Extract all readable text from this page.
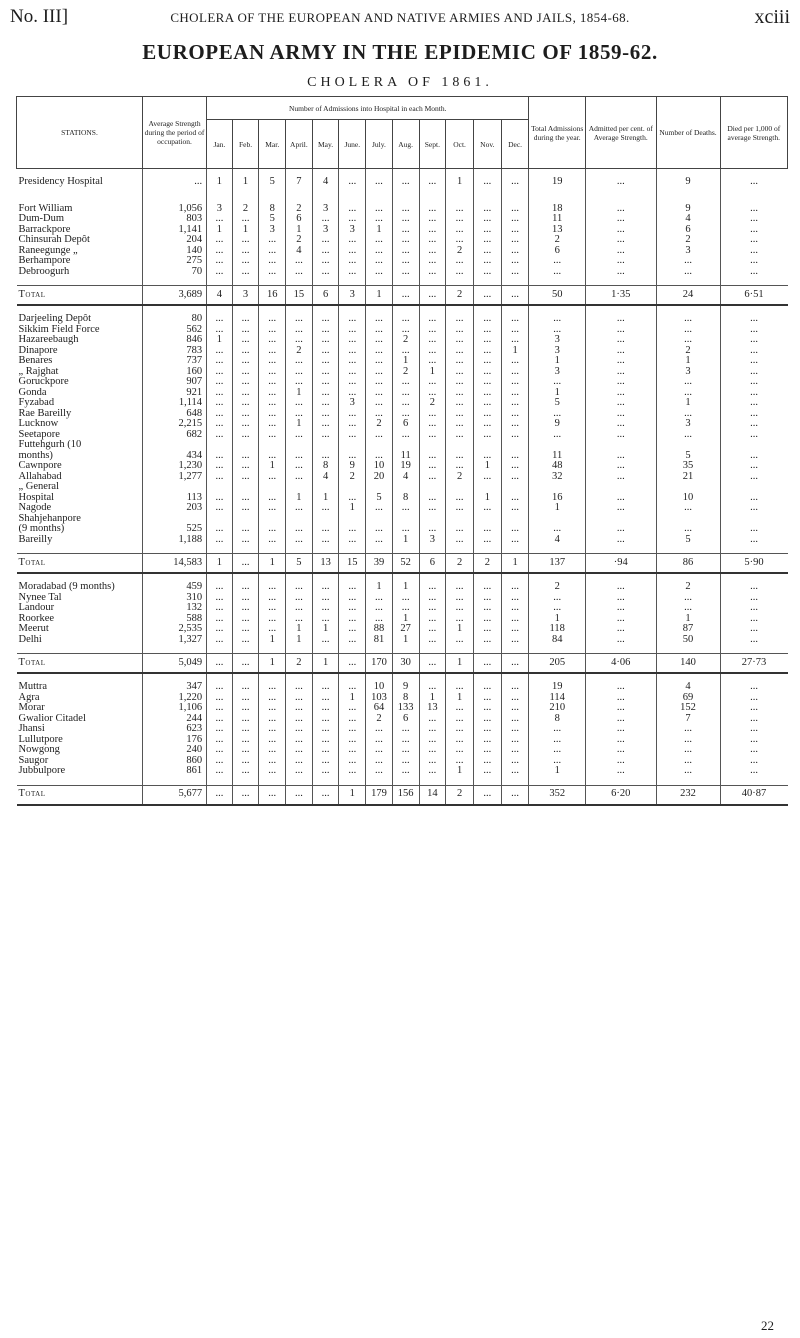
No. III]	CHOLERA OF THE EUROPEAN AND NATIVE ARMIES AND JAILS, 1854-68.	xciii
EUROPEAN ARMY IN THE EPIDEMIC OF 1859-62.
CHOLERA OF 1861.
STATIONS.	Average Strength during the period of occupation.	Number of Admissions into Hospital in each Month.												Total Admissions during the year.	Admitted per cent. of Average Strength.	Number of Deaths.	Died per 1,000 of average Strength.
		Jan.	Feb.	Mar.	April.	May.	June.	July.	Aug.	Sept.	Oct.	Nov.	Dec.				

Presidency Hospital	...	1	1	5	7	4	...	...	...	...	1	...	...	19	...	9	...

Fort William	1,056	3	2	8	2	3	...	...	...	...	...	...	...	18	...	9	...
Dum-Dum	803	...	...	5	6	...	...	...	...	...	...	...	...	11	...	4	...
Barrackpore	1,141	1	1	3	1	3	3	1	...	...	...	...	...	13	...	6	...
Chinsurah Depôt	204	...	...	...	2	...	...	...	...	...	...	...	...	2	...	2	...
Raneegunge „	140	...	...	...	4	...	...	...	...	...	2	...	...	6	...	3	...
Berhampore	275	...	...	...	...	...	...	...	...	...	...	...	...	...	...	...	...
Debroogurh	70	...	...	...	...	...	...	...	...	...	...	...	...	...	...	...	...

Total	3,689	4	3	16	15	6	3	1	...	...	2	...	...	50	1·35	24	6·51

Darjeeling Depôt	80	...	...	...	...	...	...	...	...	...	...	...	...	...	...	...	...
Sikkim Field Force	562	...	...	...	...	...	...	...	...	...	...	...	...	...	...	...	...
Hazareebaugh	846	1	...	...	...	...	...	...	2	...	...	...	...	3	...	...	...
Dinapore	783	...	...	...	2	...	...	...	...	...	...	...	1	3	...	2	...
Benares	737	...	...	...	...	...	...	...	1	...	...	...	...	1	...	1	...
„ Rajghat	160	...	...	...	...	...	...	...	2	1	...	...	...	3	...	3	...
Goruckpore	907	...	...	...	...	...	...	...	...	...	...	...	...	...	...	...	...
Gonda	921	...	...	...	1	...	...	...	...	...	...	...	...	1	...	...	...
Fyzabad	1,114	...	...	...	...	...	3	...	...	2	...	...	...	5	...	1	...
Rae Bareilly	648	...	...	...	...	...	...	...	...	...	...	...	...	...	...	...	...
Lucknow	2,215	...	...	...	1	...	...	2	6	...	...	...	...	9	...	3	...
Seetapore	682	...	...	...	...	...	...	...	...	...	...	...	...	...	...	...	...
Futtehgurh (10																	
months)	434	...	...	...	...	...	...	...	11	...	...	...	...	11	...	5	...
Cawnpore	1,230	...	...	1	...	8	9	10	19	...	...	1	...	48	...	35	...
Allahabad	1,277	...	...	...	...	4	2	20	4	...	2	...	...	32	...	21	...
„ General																	
Hospital	113	...	...	...	1	1	...	5	8	...	...	1	...	16	...	10	...
Nagode	203	...	...	...	...	...	1	...	...	...	...	...	...	1	...	...	...
Shahjehanpore																	
(9 months)	525	...	...	...	...	...	...	...	...	...	...	...	...	...	...	...	...
Bareilly	1,188	...	...	...	...	...	...	...	1	3	...	...	...	4	...	5	...

Total	14,583	1	...	1	5	13	15	39	52	6	2	2	1	137	·94	86	5·90

Moradabad (9 months)	459	...	...	...	...	...	...	1	1	...	...	...	...	2	...	2	...
Nynee Tal	310	...	...	...	...	...	...	...	...	...	...	...	...	...	...	...	...
Landour	132	...	...	...	...	...	...	...	...	...	...	...	...	...	...	...	...
Roorkee	588	...	...	...	...	...	...	...	1	...	...	...	...	1	...	1	...
Meerut	2,535	...	...	...	1	1	...	88	27	...	1	...	...	118	...	87	...
Delhi	1,327	...	...	1	1	...	...	81	1	...	...	...	...	84	...	50	...

Total	5,049	...	...	1	2	1	...	170	30	...	1	...	...	205	4·06	140	27·73

Muttra	347	...	...	...	...	...	...	10	9	...	...	...	...	19	...	4	...
Agra	1,220	...	...	...	...	...	1	103	8	1	1	...	...	114	...	69	...
Morar	1,106	...	...	...	...	...	...	64	133	13	...	...	...	210	...	152	...
Gwalior Citadel	244	...	...	...	...	...	...	2	6	...	...	...	...	8	...	7	...
Jhansi	623	...	...	...	...	...	...	...	...	...	...	...	...	...	...	...	...
Lullutpore	176	...	...	...	...	...	...	...	...	...	...	...	...	...	...	...	...
Nowgong	240	...	...	...	...	...	...	...	...	...	...	...	...	...	...	...	...
Saugor	860	...	...	...	...	...	...	...	...	...	...	...	...	...	...	...	...
Jubbulpore	861	...	...	...	...	...	...	...	...	...	1	...	...	1	...	...	...

Total	5,677	...	...	...	...	...	1	179	156	14	2	...	...	352	6·20	232	40·87
22
